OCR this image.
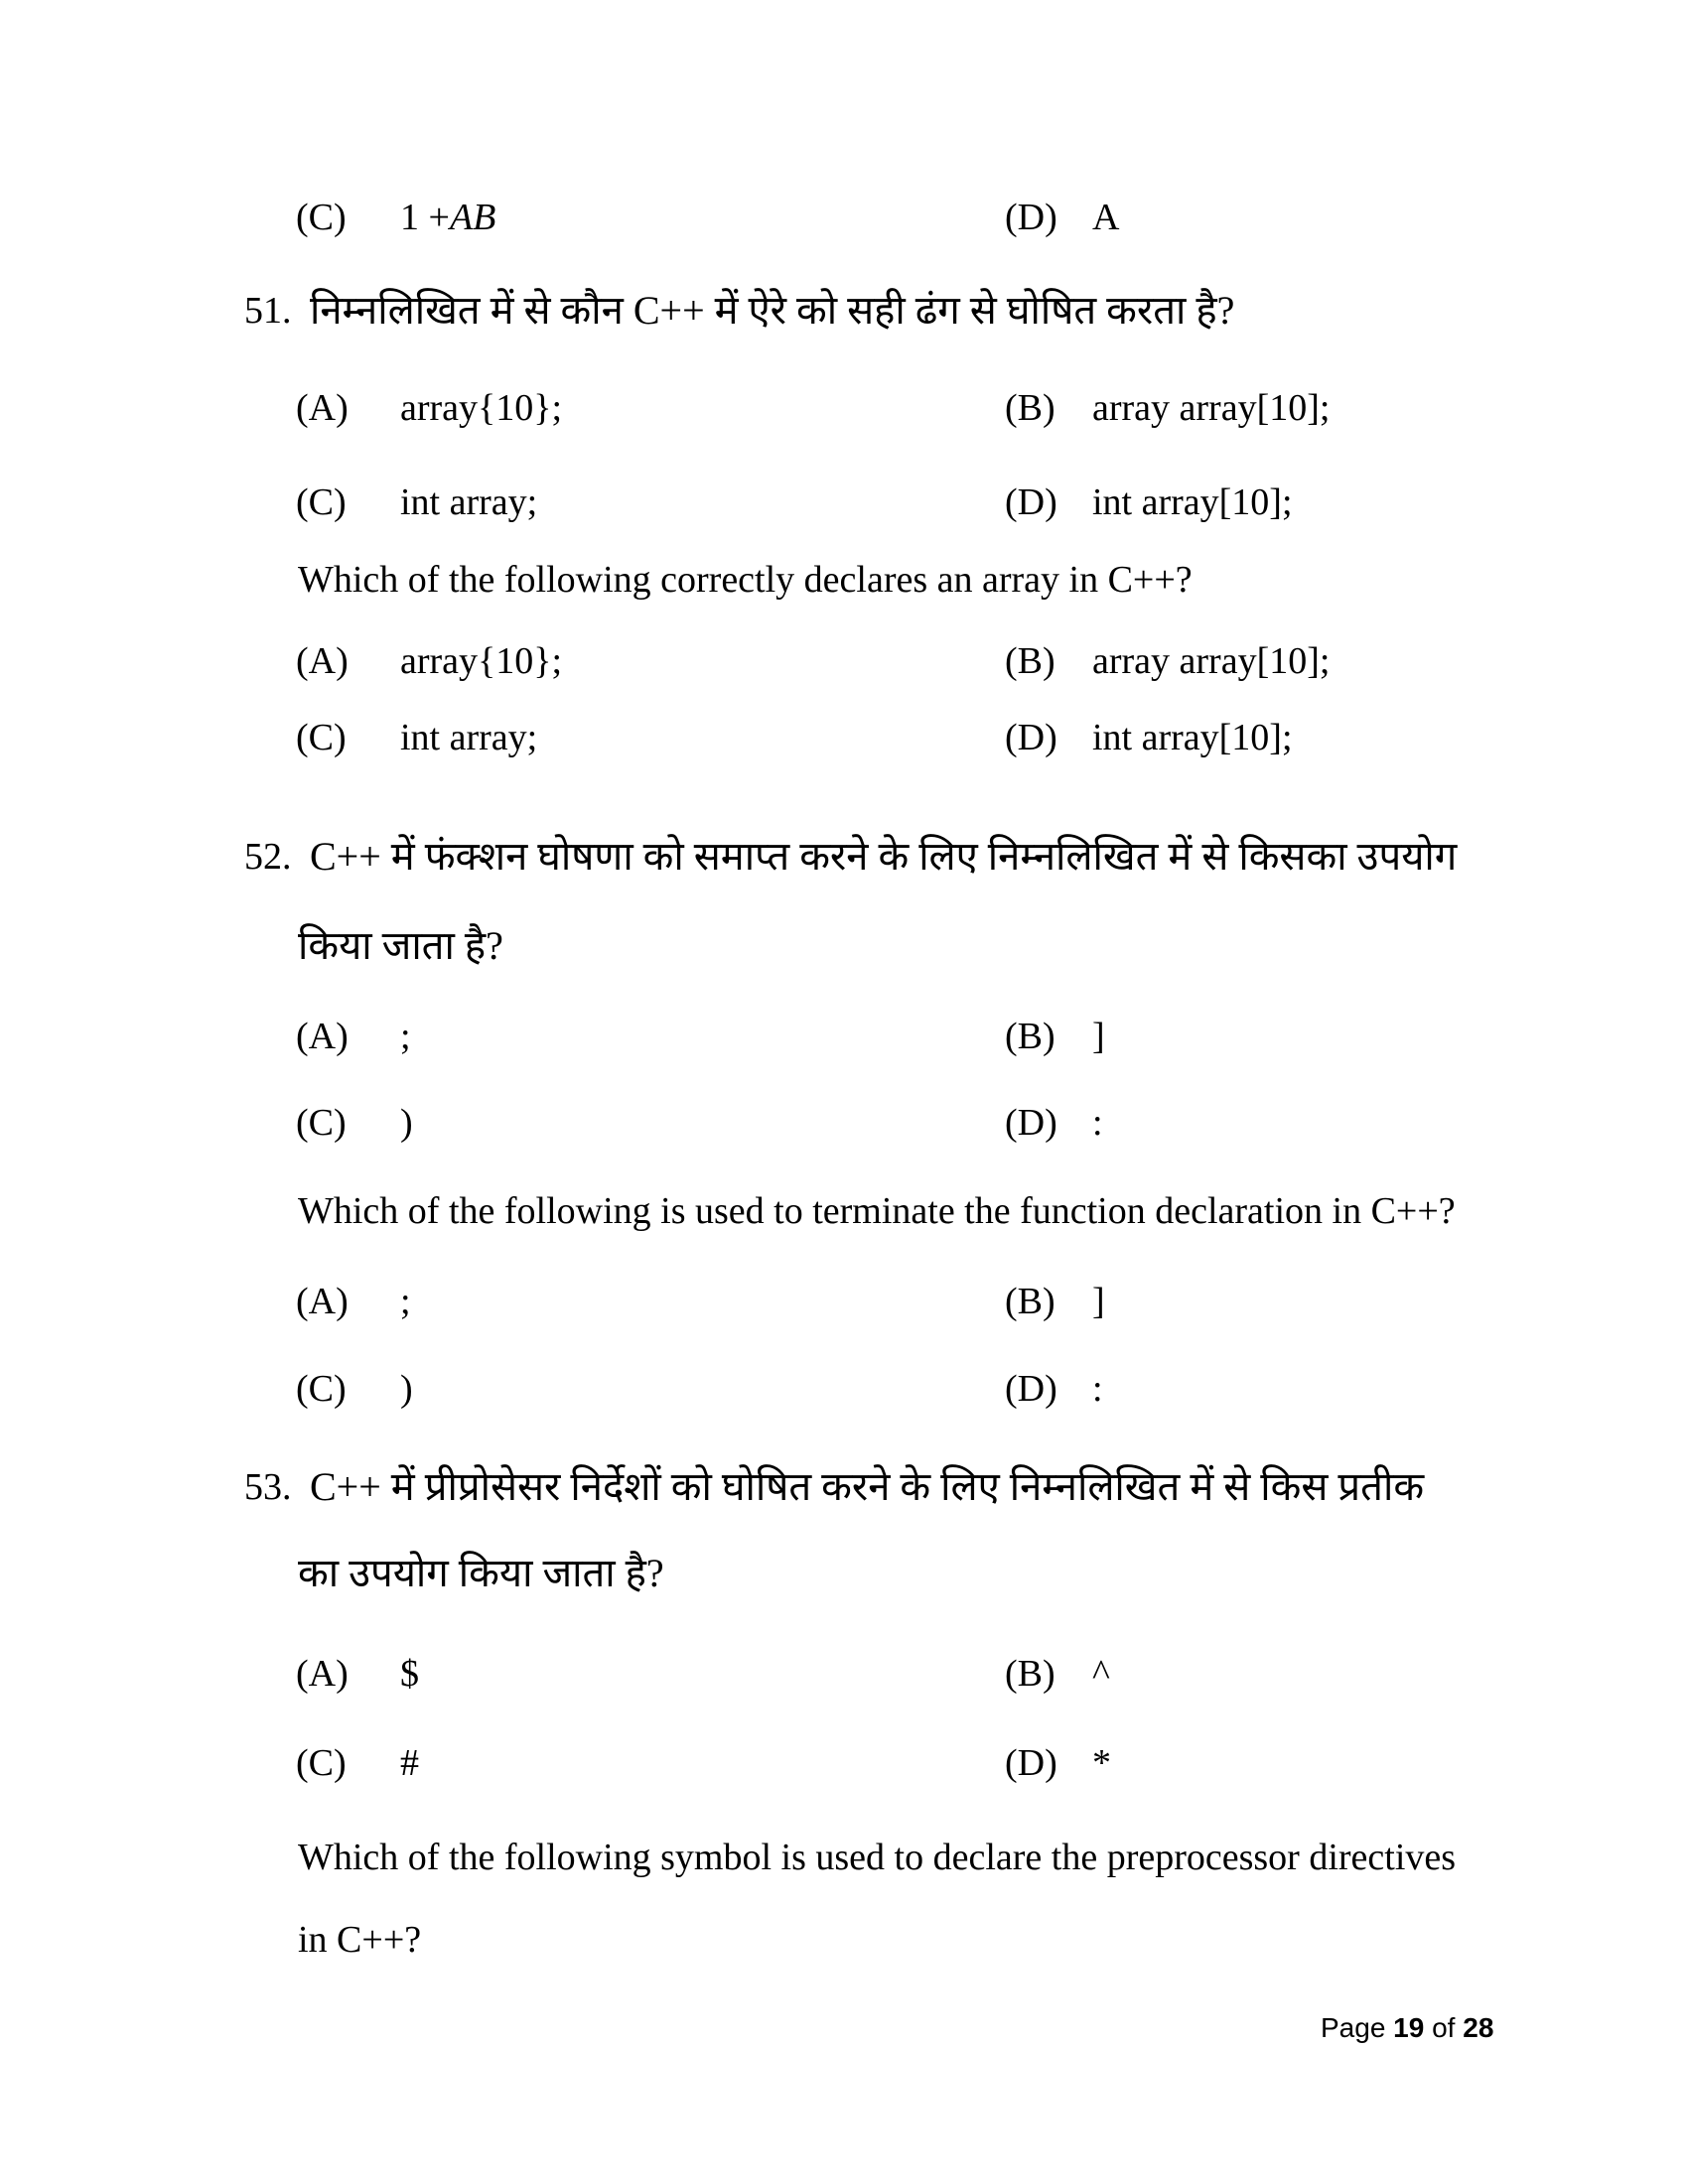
(C) 1 +AB	(D) A
51. निम्नलिखित में से कौन C++ में ऐरे को सही ढंग से घोषित करता है?
(A) array{10};	(B) array array[10];
(C) int array;	(D) int array[10];
Which of the following correctly declares an array in C++?
(A) array{10};	(B) array array[10];
(C) int array;	(D) int array[10];
52. C++ में फंक्शन घोषणा को समाप्त करने के लिए निम्नलिखित में से किसका उपयोग
किया जाता है?
(A) ;	(B) ]
(C) )	(D) :
Which of the following is used to terminate the function declaration in C++?
(A) ;	(B) ]
(C) )	(D) :
53. C++ में प्रीप्रोसेसर निर्देशों को घोषित करने के लिए निम्नलिखित में से किस प्रतीक
का उपयोग किया जाता है?
(A) $	(B) ^
(C) #	(D) *
Which of the following symbol is used to declare the preprocessor directives
in C++?
Page 19 of 28
